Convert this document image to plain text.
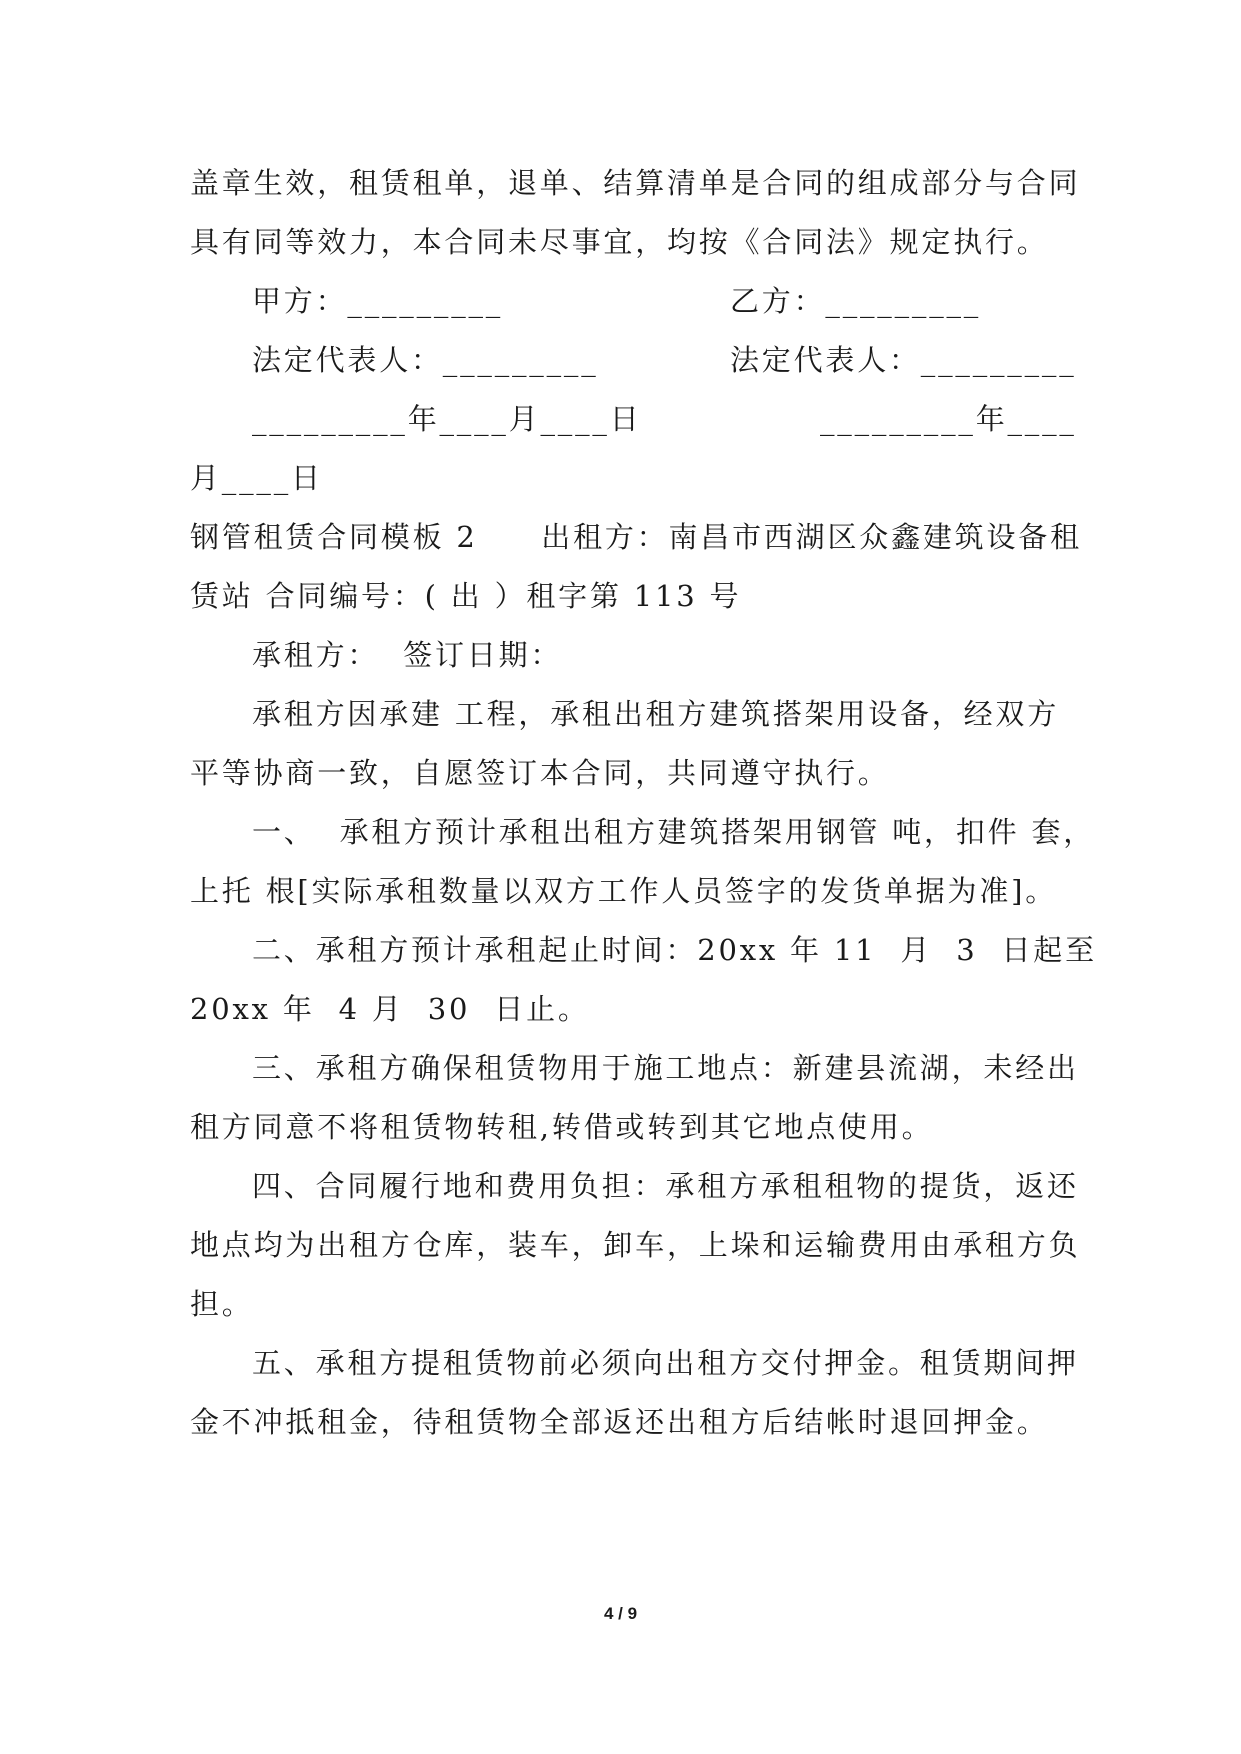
盖章生效，租赁租单，退单、结算清单是合同的组成部分与合同
具有同等效力，本合同未尽事宜，均按《合同法》规定执行。
甲方：_________	乙方：_________
法定代表人：_________	法定代表人：_________
_________年____月____日	_________年____
月____日
钢管租赁合同模板 2　　出租方：南昌市西湖区众鑫建筑设备租
赁站 合同编号：( 出 ）租字第 113 号
承租方：  签订日期：
承租方因承建 工程，承租出租方建筑搭架用设备，经双方
平等协商一致，自愿签订本合同，共同遵守执行。
一、  承租方预计承租出租方建筑搭架用钢管 吨，扣件 套，
上托 根[实际承租数量以双方工作人员签字的发货单据为准]。
二、承租方预计承租起止时间：20xx 年 11  月  3  日起至
20xx 年  4 月  30  日止。
三、承租方确保租赁物用于施工地点：新建县流湖，未经出
租方同意不将租赁物转租,转借或转到其它地点使用。
四、合同履行地和费用负担：承租方承租租物的提货，返还
地点均为出租方仓库，装车，卸车，上垛和运输费用由承租方负
担。
五、承租方提租赁物前必须向出租方交付押金。租赁期间押
金不冲抵租金，待租赁物全部返还出租方后结帐时退回押金。
4 / 9
